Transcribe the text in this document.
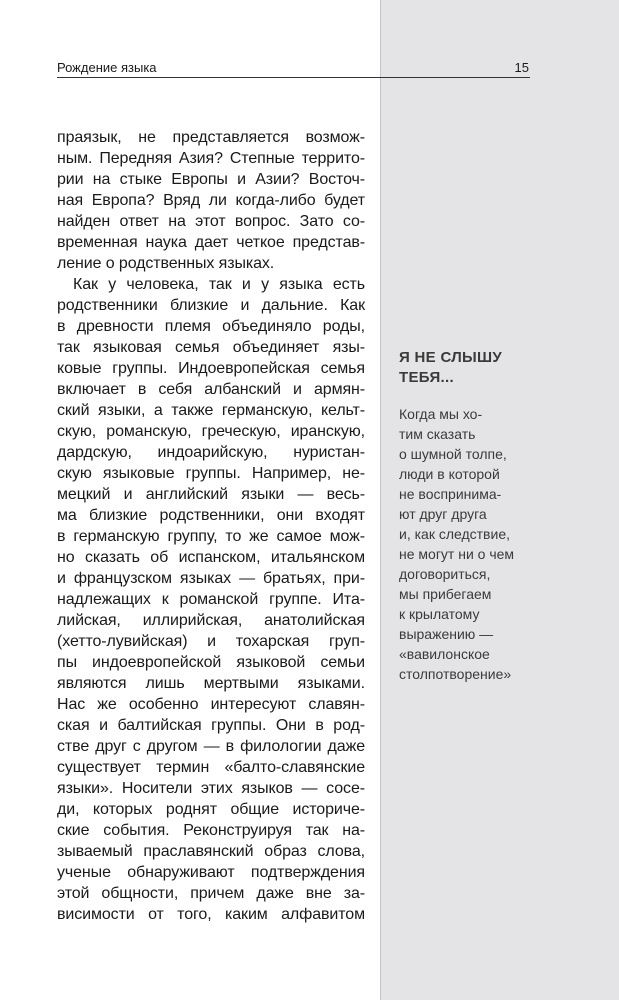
Рождение языка	15
праязык, не представляется возмож-
ным. Передняя Азия? Степные террито-
рии на стыке Европы и Азии? Восточ-
ная Европа? Вряд ли когда-либо будет
найден ответ на этот вопрос. Зато со-
временная наука дает четкое представ-
ление о родственных языках.
Как у человека, так и у языка есть
родственники близкие и дальние. Как
в древности племя объединяло роды,
так языковая семья объединяет язы-
ковые группы. Индоевропейская семья
включает в себя албанский и армян-
ский языки, а также германскую, кельт-
скую, романскую, греческую, иранскую,
дардскую, индоарийскую, нуристан-
скую языковые группы. Например, не-
мецкий и английский языки — весь-
ма близкие родственники, они входят
в германскую группу, то же самое мож-
но сказать об испанском, итальянском
и французском языках — братьях, при-
надлежащих к романской группе. Ита-
лийская, иллирийская, анатолийская
(хетто-лувийская) и тохарская груп-
пы индоевропейской языковой семьи
являются лишь мертвыми языками.
Нас же особенно интересуют славян-
ская и балтийская группы. Они в род-
стве друг с другом — в филологии даже
существует термин «балто-славянские
языки». Носители этих языков — сосе-
ди, которых роднят общие историче-
ские события. Реконструируя так на-
зываемый праславянский образ слова,
ученые обнаруживают подтверждения
этой общности, причем даже вне за-
висимости от того, каким алфавитом
Я НЕ СЛЫШУ
ТЕБЯ...
Когда мы хо-
тим сказать
о шумной толпе,
люди в которой
не воспринима-
ют друг друга
и, как следствие,
не могут ни о чем
договориться,
мы прибегаем
к крылатому
выражению —
«вавилонское
столпотворение»
